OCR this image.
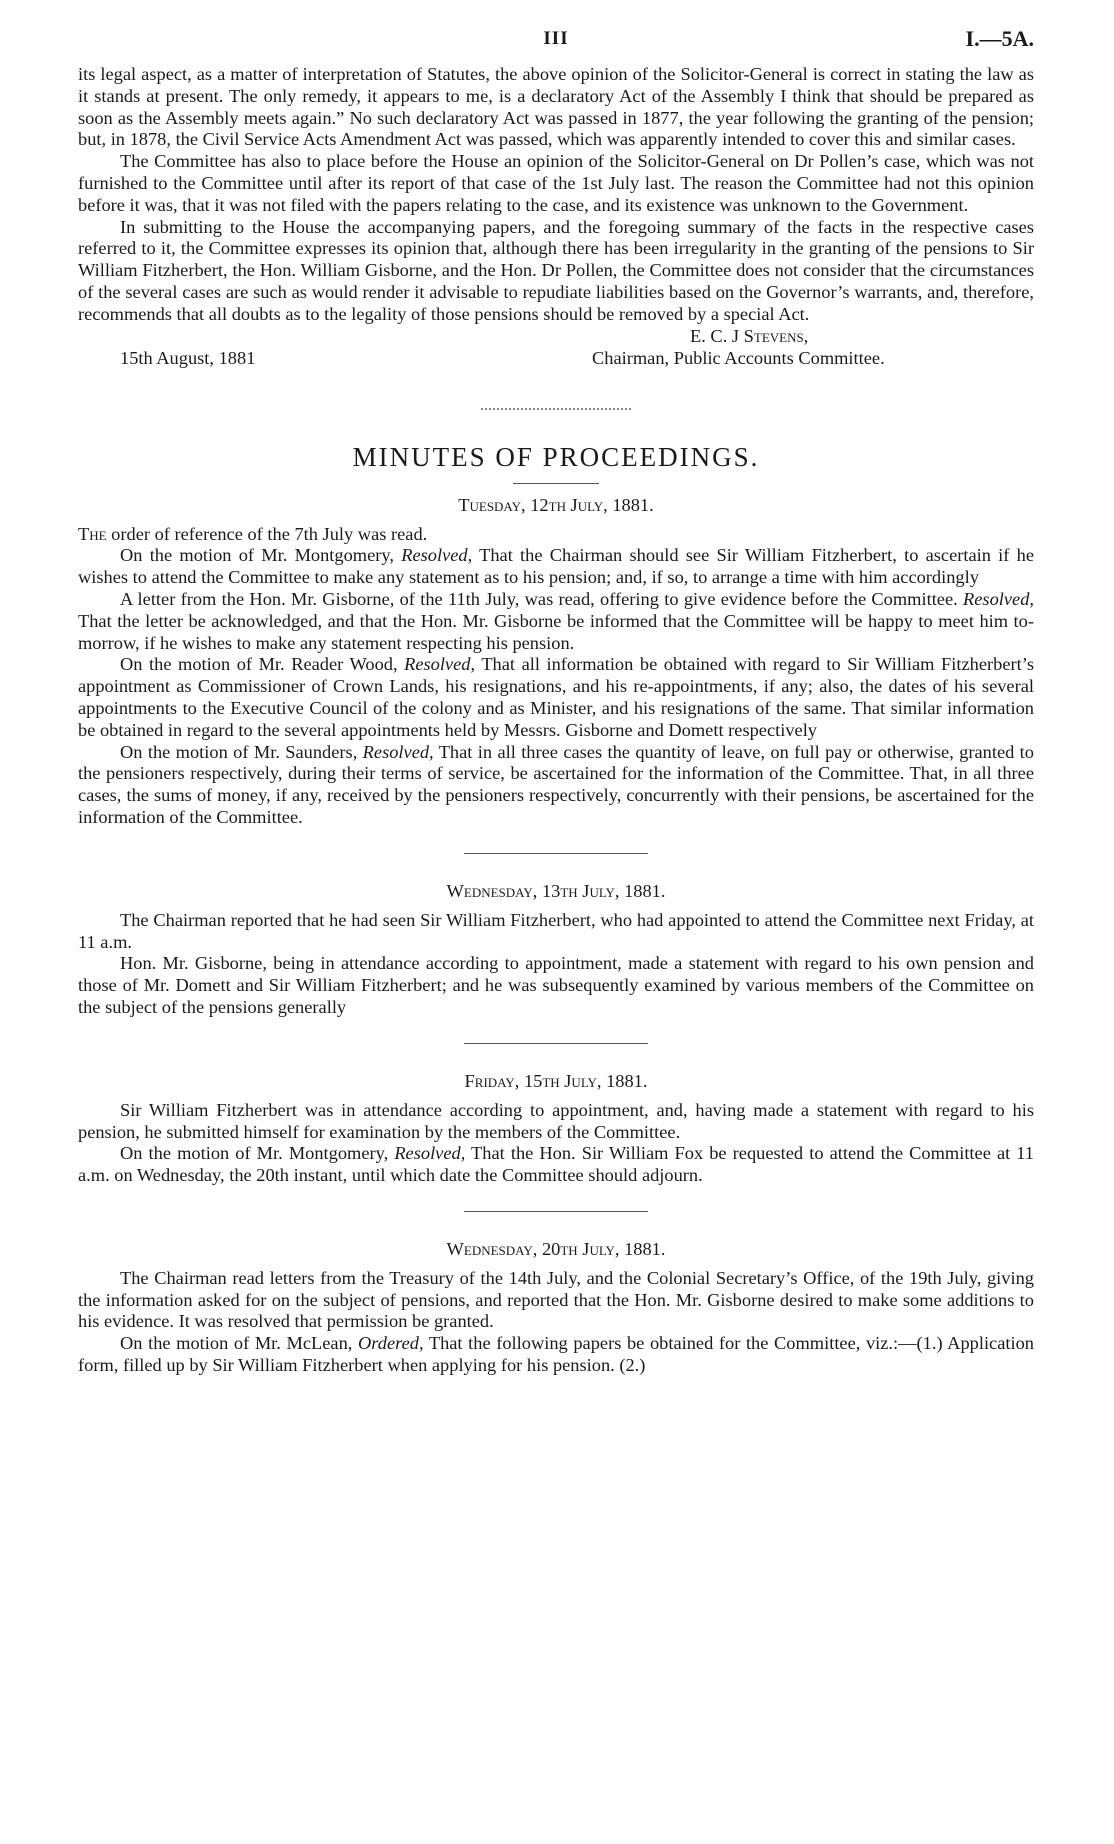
III	I.—5A.

its legal aspect, as a matter of interpretation of Statutes, the above opinion of the Solicitor-General is correct in stating the law as it stands at present. The only remedy, it appears to me, is a declaratory Act of the Assembly I think that should be prepared as soon as the Assembly meets again.” No such declaratory Act was passed in 1877, the year following the granting of the pension; but, in 1878, the Civil Service Acts Amendment Act was passed, which was apparently intended to cover this and similar cases.

The Committee has also to place before the House an opinion of the Solicitor-General on Dr Pollen’s case, which was not furnished to the Committee until after its report of that case of the 1st July last. The reason the Committee had not this opinion before it was, that it was not filed with the papers relating to the case, and its existence was unknown to the Government.

In submitting to the House the accompanying papers, and the foregoing summary of the facts in the respective cases referred to it, the Committee expresses its opinion that, although there has been irregularity in the granting of the pensions to Sir William Fitzherbert, the Hon. William Gisborne, and the Hon. Dr Pollen, the Committee does not consider that the circumstances of the several cases are such as would render it advisable to repudiate liabilities based on the Governor’s warrants, and, therefore, recommends that all doubts as to the legality of those pensions should be removed by a special Act.

E. C. J Stevens,
15th August, 1881	Chairman, Public Accounts Committee.
MINUTES OF PROCEEDINGS.
Tuesday, 12th July, 1881.

The order of reference of the 7th July was read.

On the motion of Mr. Montgomery, Resolved, That the Chairman should see Sir William Fitzherbert, to ascertain if he wishes to attend the Committee to make any statement as to his pension; and, if so, to arrange a time with him accordingly

A letter from the Hon. Mr. Gisborne, of the 11th July, was read, offering to give evidence before the Committee. Resolved, That the letter be acknowledged, and that the Hon. Mr. Gisborne be informed that the Committee will be happy to meet him to-morrow, if he wishes to make any statement respecting his pension.

On the motion of Mr. Reader Wood, Resolved, That all information be obtained with regard to Sir William Fitzherbert’s appointment as Commissioner of Crown Lands, his resignations, and his re-appointments, if any; also, the dates of his several appointments to the Executive Council of the colony and as Minister, and his resignations of the same. That similar information be obtained in regard to the several appointments held by Messrs. Gisborne and Domett respectively

On the motion of Mr. Saunders, Resolved, That in all three cases the quantity of leave, on full pay or otherwise, granted to the pensioners respectively, during their terms of service, be ascertained for the information of the Committee. That, in all three cases, the sums of money, if any, received by the pensioners respectively, concurrently with their pensions, be ascertained for the information of the Committee.

Wednesday, 13th July, 1881.

The Chairman reported that he had seen Sir William Fitzherbert, who had appointed to attend the Committee next Friday, at 11 a.m.

Hon. Mr. Gisborne, being in attendance according to appointment, made a statement with regard to his own pension and those of Mr. Domett and Sir William Fitzherbert; and he was subsequently examined by various members of the Committee on the subject of the pensions generally

Friday, 15th July, 1881.

Sir William Fitzherbert was in attendance according to appointment, and, having made a statement with regard to his pension, he submitted himself for examination by the members of the Committee.

On the motion of Mr. Montgomery, Resolved, That the Hon. Sir William Fox be requested to attend the Committee at 11 a.m. on Wednesday, the 20th instant, until which date the Committee should adjourn.

Wednesday, 20th July, 1881.

The Chairman read letters from the Treasury of the 14th July, and the Colonial Secretary’s Office, of the 19th July, giving the information asked for on the subject of pensions, and reported that the Hon. Mr. Gisborne desired to make some additions to his evidence. It was resolved that permission be granted.

On the motion of Mr. McLean, Ordered, That the following papers be obtained for the Committee, viz.:—(1.) Application form, filled up by Sir William Fitzherbert when applying for his pension. (2.)
